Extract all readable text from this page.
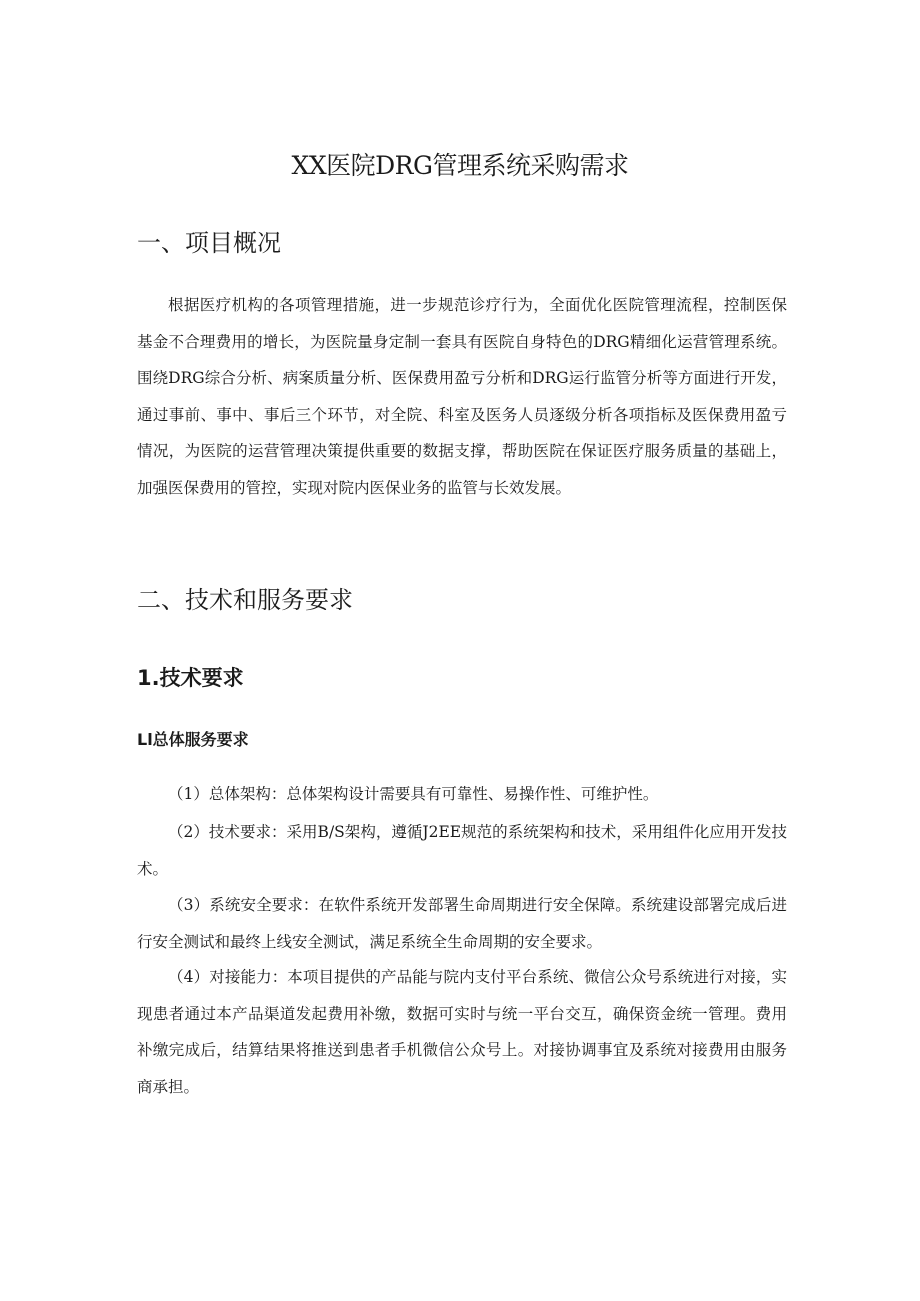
XX医院DRG管理系统采购需求
一、项目概况

根据医疗机构的各项管理措施，进一步规范诊疗行为，全面优化医院管理流程，控制医保基金不合理费用的增长，为医院量身定制一套具有医院自身特色的DRG精细化运营管理系统。围绕DRG综合分析、病案质量分析、医保费用盈亏分析和DRG运行监管分析等方面进行开发，通过事前、事中、事后三个环节，对全院、科室及医务人员逐级分析各项指标及医保费用盈亏情况，为医院的运营管理决策提供重要的数据支撑，帮助医院在保证医疗服务质量的基础上，加强医保费用的管控，实现对院内医保业务的监管与长效发展。

二、技术和服务要求
1.技术要求
Ll总体服务要求

（1）总体架构：总体架构设计需要具有可靠性、易操作性、可维护性。

（2）技术要求：采用B/S架构，遵循J2EE规范的系统架构和技术，采用组件化应用开发技术。

（3）系统安全要求：在软件系统开发部署生命周期进行安全保障。系统建设部署完成后进行安全测试和最终上线安全测试，满足系统全生命周期的安全要求。

（4）对接能力：本项目提供的产品能与院内支付平台系统、微信公众号系统进行对接，实现患者通过本产品渠道发起费用补缴，数据可实时与统一平台交互，确保资金统一管理。费用补缴完成后，结算结果将推送到患者手机微信公众号上。对接协调事宜及系统对接费用由服务商承担。
